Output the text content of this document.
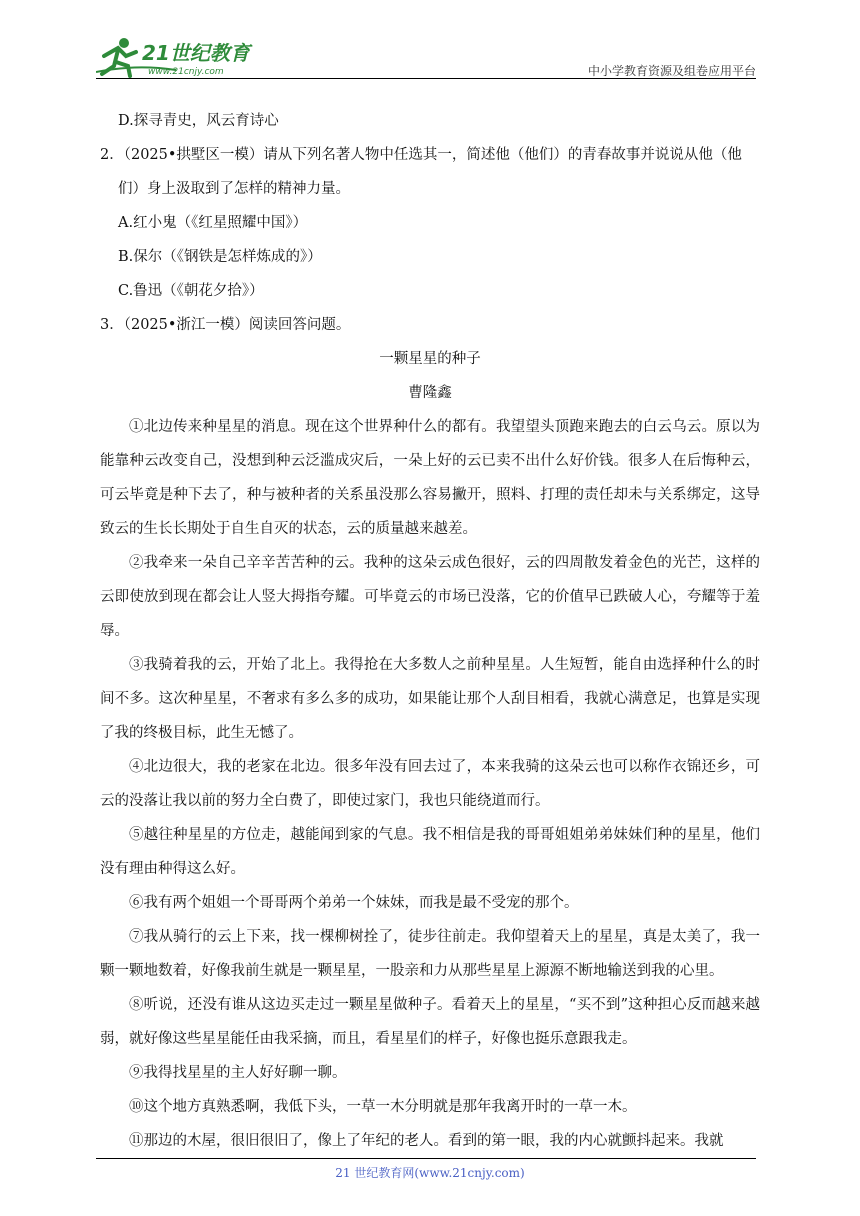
21世纪教育
www.21cnjy.com	中小学教育资源及组卷应用平台
D.探寻青史，风云育诗心
2．（2025•拱墅区一模）请从下列名著人物中任选其一，简述他（他们）的青春故事并说说从他（他
们）身上汲取到了怎样的精神力量。
A.红小鬼（《红星照耀中国》）
B.保尔（《钢铁是怎样炼成的》）
C.鲁迅（《朝花夕拾》）
3．（2025•浙江一模）阅读回答问题。
一颗星星的种子
曹隆鑫

①北边传来种星星的消息。现在这个世界种什么的都有。我望望头顶跑来跑去的白云乌云。原以为能靠种云改变自己，没想到种云泛滥成灾后，一朵上好的云已卖不出什么好价钱。很多人在后悔种云，可云毕竟是种下去了，种与被种者的关系虽没那么容易撇开，照料、打理的责任却未与关系绑定，这导致云的生长长期处于自生自灭的状态，云的质量越来越差。

②我牵来一朵自己辛辛苦苦种的云。我种的这朵云成色很好，云的四周散发着金色的光芒，这样的云即使放到现在都会让人竖大拇指夸耀。可毕竟云的市场已没落，它的价值早已跌破人心，夸耀等于羞辱。

③我骑着我的云，开始了北上。我得抢在大多数人之前种星星。人生短暂，能自由选择种什么的时间不多。这次种星星，不奢求有多么多的成功，如果能让那个人刮目相看，我就心满意足，也算是实现了我的终极目标，此生无憾了。

④北边很大，我的老家在北边。很多年没有回去过了，本来我骑的这朵云也可以称作衣锦还乡，可云的没落让我以前的努力全白费了，即使过家门，我也只能绕道而行。

⑤越往种星星的方位走，越能闻到家的气息。我不相信是我的哥哥姐姐弟弟妹妹们种的星星，他们没有理由种得这么好。

⑥我有两个姐姐一个哥哥两个弟弟一个妹妹，而我是最不受宠的那个。

⑦我从骑行的云上下来，找一棵柳树拴了，徒步往前走。我仰望着天上的星星，真是太美了，我一颗一颗地数着，好像我前生就是一颗星星，一股亲和力从那些星星上源源不断地输送到我的心里。

⑧听说，还没有谁从这边买走过一颗星星做种子。看着天上的星星，“买不到”这种担心反而越来越弱，就好像这些星星能任由我采摘，而且，看星星们的样子，好像也挺乐意跟我走。

⑨我得找星星的主人好好聊一聊。

⑩这个地方真熟悉啊，我低下头，一草一木分明就是那年我离开时的一草一木。

⑪那边的木屋，很旧很旧了，像上了年纪的老人。看到的第一眼，我的内心就颤抖起来。我就

21 世纪教育网(www.21cnjy.com)
